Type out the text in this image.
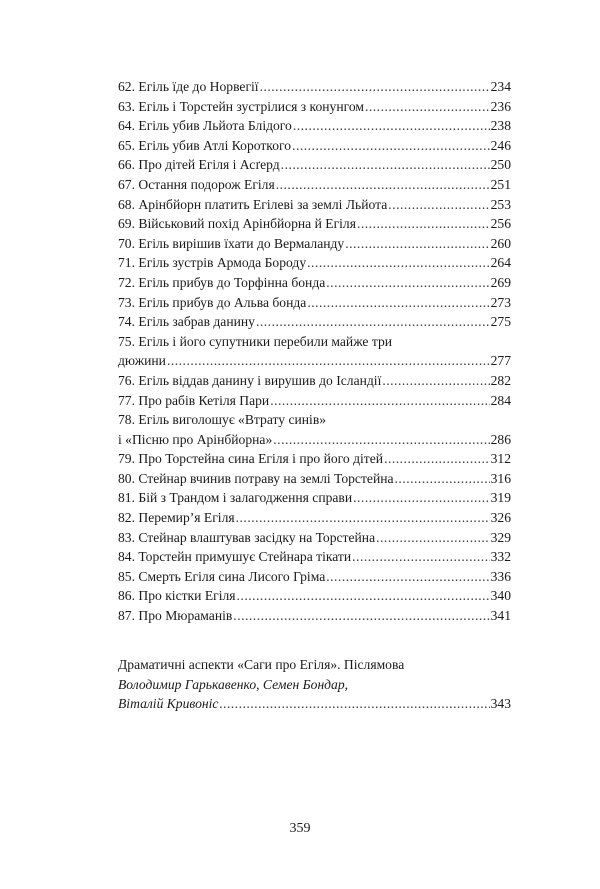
62. Егіль їде до Норвегії .....	234
63. Егіль і Торстейн зустрілися з конунгом .....	236
64. Егіль убив Льйота Блідого .....	238
65. Егіль убив Атлі Короткого .....	246
66. Про дітей Егіля і Асґерд .....	250
67. Остання подорож Егіля .....	251
68. Арінбйорн платить Егілеві за землі Льйота .....	253
69. Військовий похід Арінбйорна й Егіля .....	256
70. Егіль вирішив їхати до Вермаланду .....	260
71. Егіль зустрів Армода Бороду .....	264
72. Егіль прибув до Торфінна бонда .....	269
73. Егіль прибув до Альва бонда .....	273
74. Егіль забрав данину .....	275
75. Егіль і його супутники перебили майже три
дюжини .....	277
76. Егіль віддав данину і вирушив до Ісландії .....	282
77. Про рабів Кетіля Пари .....	284
78. Егіль виголошує «Втрату синів»
і «Пісню про Арінбйорна» .....	286
79. Про Торстейна сина Егіля і про його дітей .....	312
80. Стейнар вчинив потраву на землі Торстейна .....	316
81. Бій з Трандом і залагодження справи .....	319
82. Перемир’я Егіля .....	326
83. Стейнар влаштував засідку на Торстейна .....	329
84. Торстейн примушує Стейнара тікати .....	332
85. Смерть Егіля сина Лисого Гріма .....	336
86. Про кістки Егіля .....	340
87. Про Мюраманів .....	341
Драматичні аспекти «Саги про Егіля». Післямова
Володимир Гарькавенко, Семен Бондар,
Віталій Кривоніс .....	343
359
